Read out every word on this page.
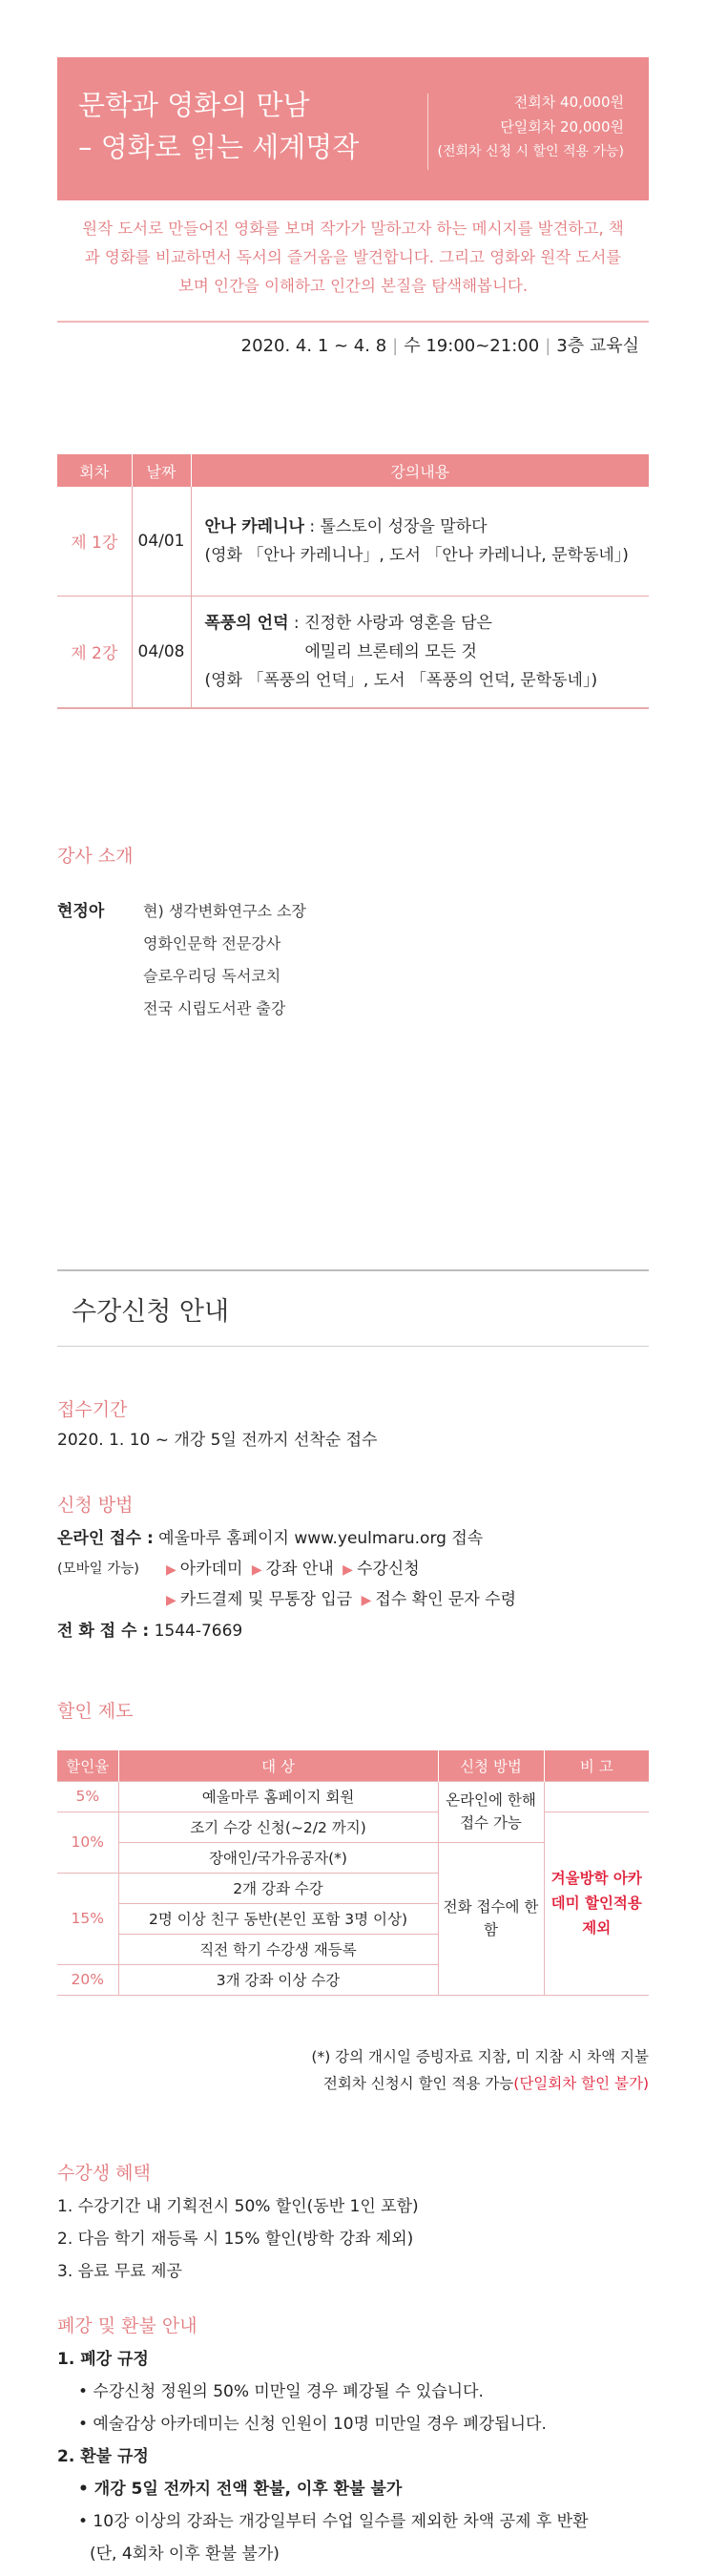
문학과 영화의 만남
– 영화로 읽는 세계명작
전회차 40,000원
단일회차 20,000원
(전회차 신청 시 할인 적용 가능)
원작 도서로 만들어진 영화를 보며 작가가 말하고자 하는 메시지를 발견하고, 책과 영화를 비교하면서 독서의 즐거움을 발견합니다. 그리고 영화와 원작 도서를 보며 인간을 이해하고 인간의 본질을 탐색해봅니다.
2020. 4. 1 ~ 4. 8 | 수 19:00~21:00 | 3층 교육실
회차	날짜	강의내용
제 1강	04/01	안나 카레니나 : 톨스토이 성장을 말하다
(영화 「안나 카레니나」, 도서 「안나 카레니나, 문학동네」)

제 2강	04/08	폭풍의 언덕 : 진정한 사랑과 영혼을 담은
에밀리 브론테의 모든 것
(영화 「폭풍의 언덕」, 도서 「폭풍의 언덕, 문학동네」)
강사 소개
현정아	현) 생각변화연구소 소장
영화인문학 전문강사
슬로우리딩 독서코치
전국 시립도서관 출강
수강신청 안내
접수기간
2020. 1. 10 ~ 개강 5일 전까지 선착순 접수
신청 방법
온라인 접수 : 예울마루 홈페이지 www.yeulmaru.org 접속
(모바일 가능) ▶ 아카데미 ▶ 강좌 안내 ▶ 수강신청
▶ 카드결제 및 무통장 입금 ▶ 접수 확인 문자 수령
전 화 접 수 : 1544-7669
할인 제도
할인율	대 상	신청 방법	비 고
5%	예울마루 홈페이지 회원	온라인에 한해 접수 가능	
10%	조기 수강 신청(~2/2 까지)		겨울방학 아카데미 할인적용 제외
	장애인/국가유공자(*)	전화 접수에 한함	
15%	2개 강좌 수강		
	2명 이상 친구 동반(본인 포함 3명 이상)		
	직전 학기 수강생 재등록		
20%	3개 강좌 이상 수강		
(*) 강의 개시일 증빙자료 지참, 미 지참 시 차액 지불
전회차 신청시 할인 적용 가능(단일회차 할인 불가)
수강생 혜택
1. 수강기간 내 기획전시 50% 할인(동반 1인 포함)
2. 다음 학기 재등록 시 15% 할인(방학 강좌 제외)
3. 음료 무료 제공
폐강 및 환불 안내
1. 폐강 규정
• 수강신청 정원의 50% 미만일 경우 폐강될 수 있습니다.
• 예술감상 아카데미는 신청 인원이 10명 미만일 경우 폐강됩니다.
2. 환불 규정
• 개강 5일 전까지 전액 환불, 이후 환불 불가
• 10강 이상의 강좌는 개강일부터 수업 일수를 제외한 차액 공제 후 반환
(단, 4회차 이후 환불 불가)
